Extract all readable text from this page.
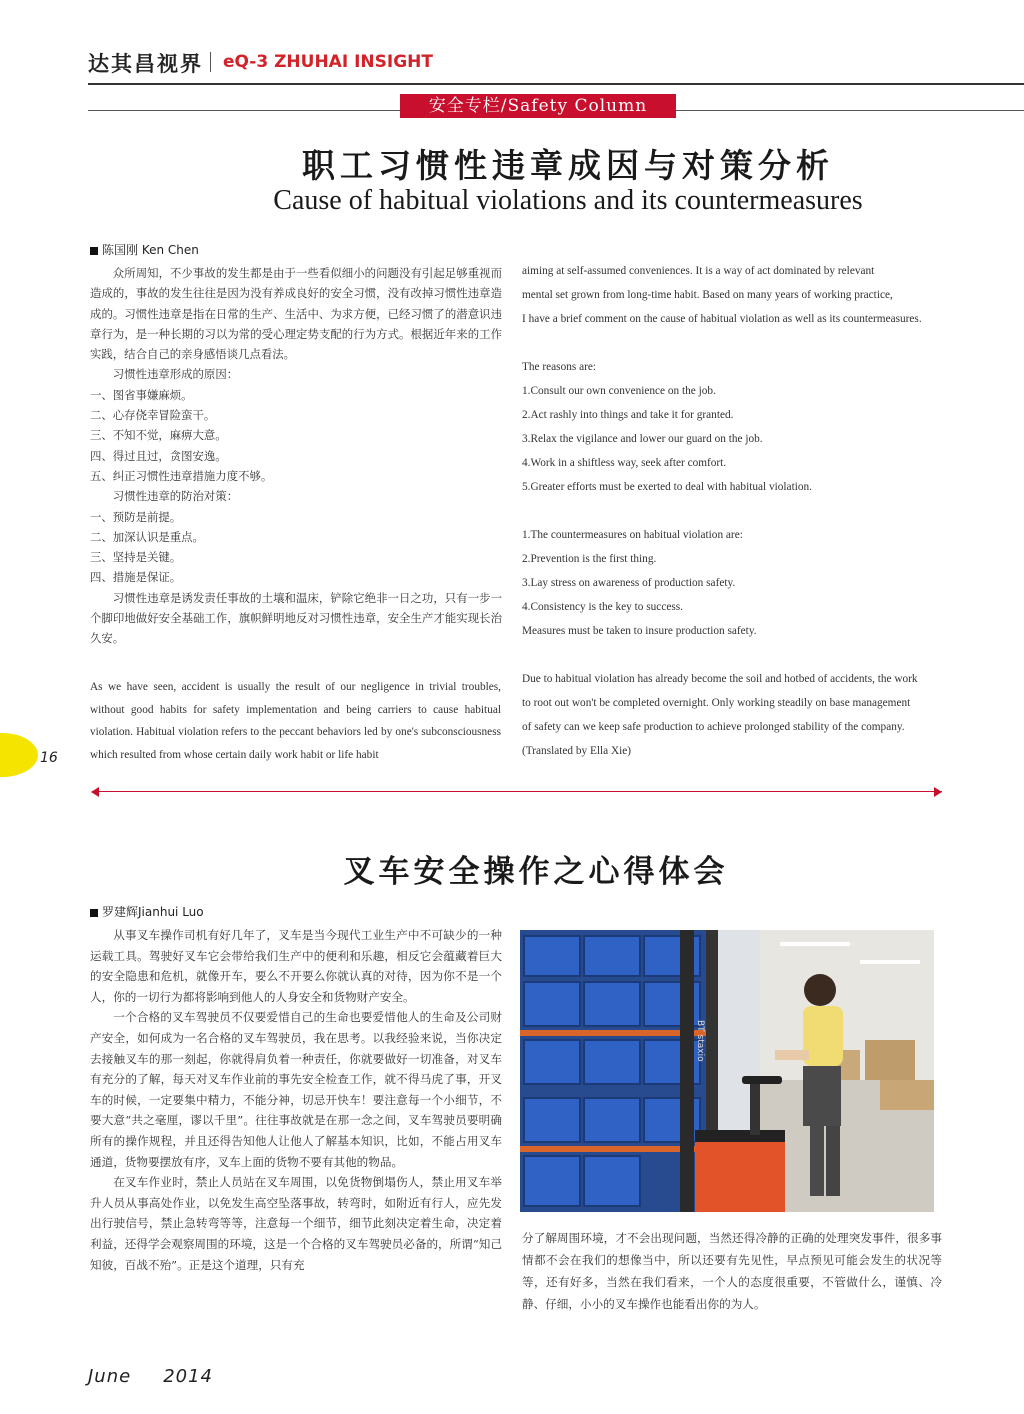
达其昌视界 eQ-3 ZHUHAI INSIGHT
安全专栏/Safety Column
职工习惯性违章成因与对策分析
Cause of habitual violations and its countermeasures
陈国刚 Ken Chen

众所周知，不少事故的发生都是由于一些看似细小的问题没有引起足够重视而造成的，事故的发生往往是因为没有养成良好的安全习惯，没有改掉习惯性违章造成的。习惯性违章是指在日常的生产、生活中、为求方便，已经习惯了的潜意识违章行为，是一种长期的习以为常的受心理定势支配的行为方式。根据近年来的工作实践，结合自己的亲身感悟谈几点看法。

习惯性违章形成的原因：

一、图省事嫌麻烦。
二、心存侥幸冒险蛮干。
三、不知不觉，麻痹大意。
四、得过且过，贪图安逸。
五、纠正习惯性违章措施力度不够。

习惯性违章的防治对策：

一、预防是前提。
二、加深认识是重点。
三、坚持是关键。
四、措施是保证。

习惯性违章是诱发责任事故的土壤和温床，铲除它绝非一日之功，只有一步一个脚印地做好安全基础工作，旗帜鲜明地反对习惯性违章，安全生产才能实现长治久安。

As we have seen, accident is usually the result of our negligence in trivial troubles, without good habits for safety implementation and being carriers to cause habitual violation. Habitual violation refers to the peccant behaviors led by one's subconsciousness which resulted from whose certain daily work habit or life habit

aiming at self-assumed conveniences. It is a way of act dominated by relevant
mental set grown from long-time habit. Based on many years of working practice,
I have a brief comment on the cause of habitual violation as well as its countermeasures.
The reasons are:
1.Consult our own convenience on the job.
2.Act rashly into things and take it for granted.
3.Relax the vigilance and lower our guard on the job.
4.Work in a shiftless way, seek after comfort.
5.Greater efforts must be exerted to deal with habitual violation.
1.The countermeasures on habitual violation are:
2.Prevention is the first thing.
3.Lay stress on awareness of production safety.
4.Consistency is the key to success.
Measures must be taken to insure production safety.
Due to habitual violation has already become the soil and hotbed of accidents, the work
to root out won't be completed overnight. Only working steadily on base management
of safety can we keep safe production to achieve prolonged stability of the company.
(Translated by Ella Xie)
16
叉车安全操作之心得体会
罗建辉Jianhui Luo

从事叉车操作司机有好几年了，叉车是当今现代工业生产中不可缺少的一种运载工具。驾驶好叉车它会带给我们生产中的便利和乐趣，相反它会蕴藏着巨大的安全隐患和危机，就像开车，要么不开要么你就认真的对待，因为你不是一个人，你的一切行为都将影响到他人的人身安全和货物财产安全。

一个合格的叉车驾驶员不仅要爱惜自己的生命也要爱惜他人的生命及公司财产安全，如何成为一名合格的叉车驾驶员，我在思考。以我经验来说，当你决定去接触叉车的那一刻起，你就得肩负着一种责任，你就要做好一切准备，对叉车有充分的了解，每天对叉车作业前的事先安全检查工作，就不得马虎了事，开叉车的时候，一定要集中精力，不能分神，切忌开快车！要注意每一个小细节，不要大意“共之毫厘，谬以千里”。往往事故就是在那一念之间，叉车驾驶员要明确所有的操作规程，并且还得告知他人让他人了解基本知识，比如，不能占用叉车通道，货物要摆放有序，叉车上面的货物不要有其他的物品。

在叉车作业时，禁止人员站在叉车周围，以免货物倒塌伤人，禁止用叉车举升人员从事高处作业，以免发生高空坠落事故，转弯时，如附近有行人，应先发出行驶信号，禁止急转弯等等，注意每一个细节，细节此刻决定着生命，决定着利益，还得学会观察周围的环境，这是一个合格的叉车驾驶员必备的，所谓“知己知彼，百战不殆”。正是这个道理，只有充

BT staxio

分了解周围环境，才不会出现问题，当然还得冷静的正确的处理突发事件，很多事情都不会在我们的想像当中，所以还要有先见性，早点预见可能会发生的状况等等，还有好多，当然在我们看来，一个人的态度很重要，不管做什么，谨慎、冷静、仔细，小小的叉车操作也能看出你的为人。

June 2014
